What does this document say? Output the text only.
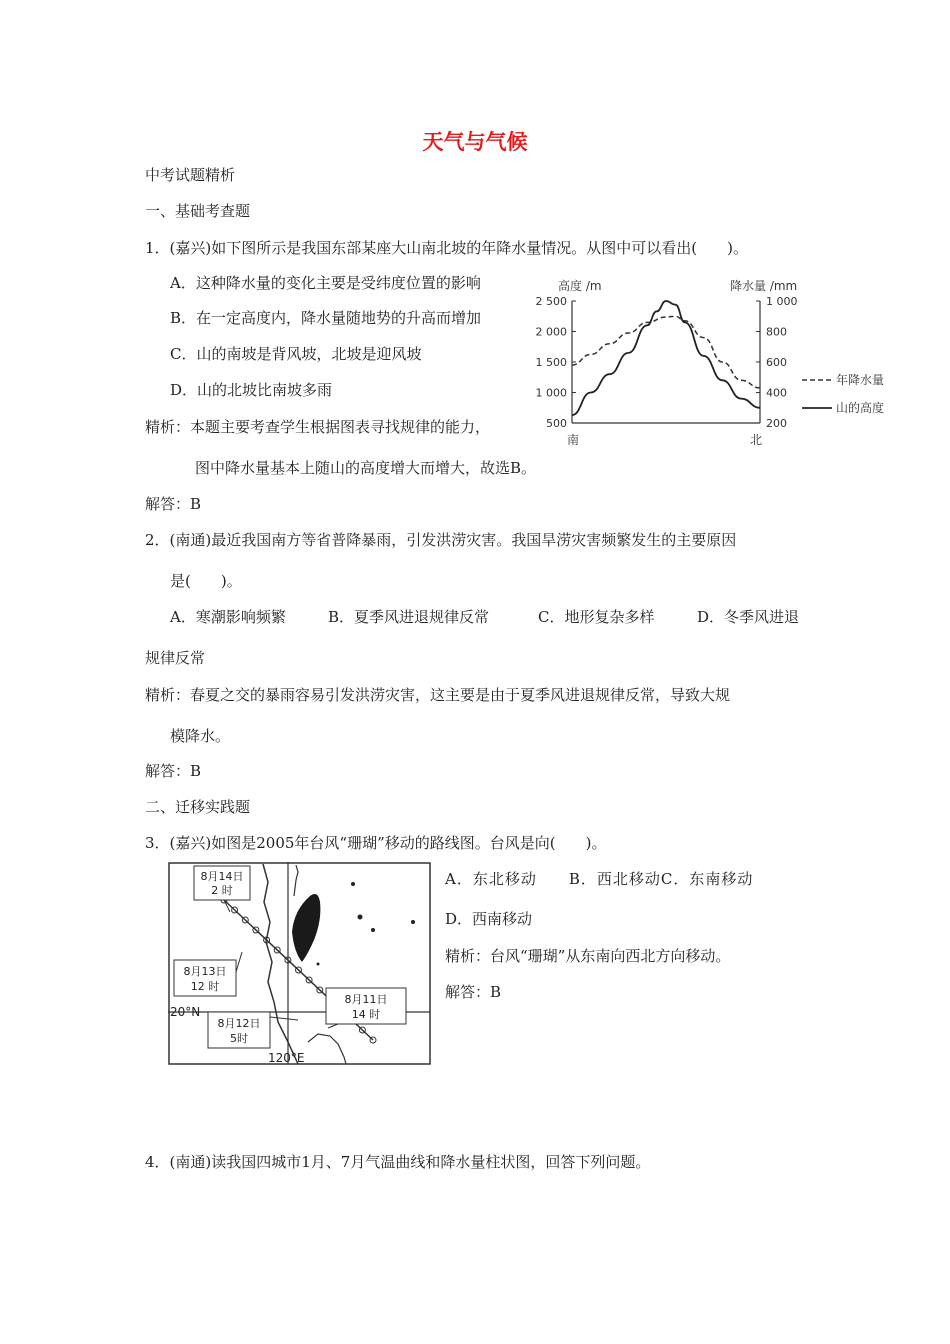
天气与气候
中考试题精析
一、基础考查题
1．(嘉兴)如下图所示是我国东部某座大山南北坡的年降水量情况。从图中可以看出(　　)。
A．这种降水量的变化主要是受纬度位置的影响
B．在一定高度内，降水量随地势的升高而增加
C．山的南坡是背风坡，北坡是迎风坡
D．山的北坡比南坡多雨
精析：本题主要考查学生根据图表寻找规律的能力，
图中降水量基本上随山的高度增大而增大，故选B。
解答：B
高度 /m	降水量 /mm
2 500
2 000
1 500
1 000
500
1 000
800
600
400
200
南	北
年降水量
山的高度
2．(南通)最近我国南方等省普降暴雨，引发洪涝灾害。我国旱涝灾害频繁发生的主要原因
是(　　)。
A．寒潮影响频繁	B．夏季风进退规律反常	C．地形复杂多样	D．冬季风进退
规律反常
精析：春夏之交的暴雨容易引发洪涝灾害，这主要是由于夏季风进退规律反常，导致大规
模降水。
解答：B
二、迁移实践题
3．(嘉兴)如图是2005年台风“珊瑚”移动的路线图。台风是向(　　)。
8月14日
2 时
8月13日
12 时
8月12日
5时
8月11日
14 时
20°N
120°E
A．东北移动　　B．西北移动C．东南移动
D．西南移动
精析：台风“珊瑚”从东南向西北方向移动。
解答：B
4．(南通)读我国四城市1月、7月气温曲线和降水量柱状图，回答下列问题。
